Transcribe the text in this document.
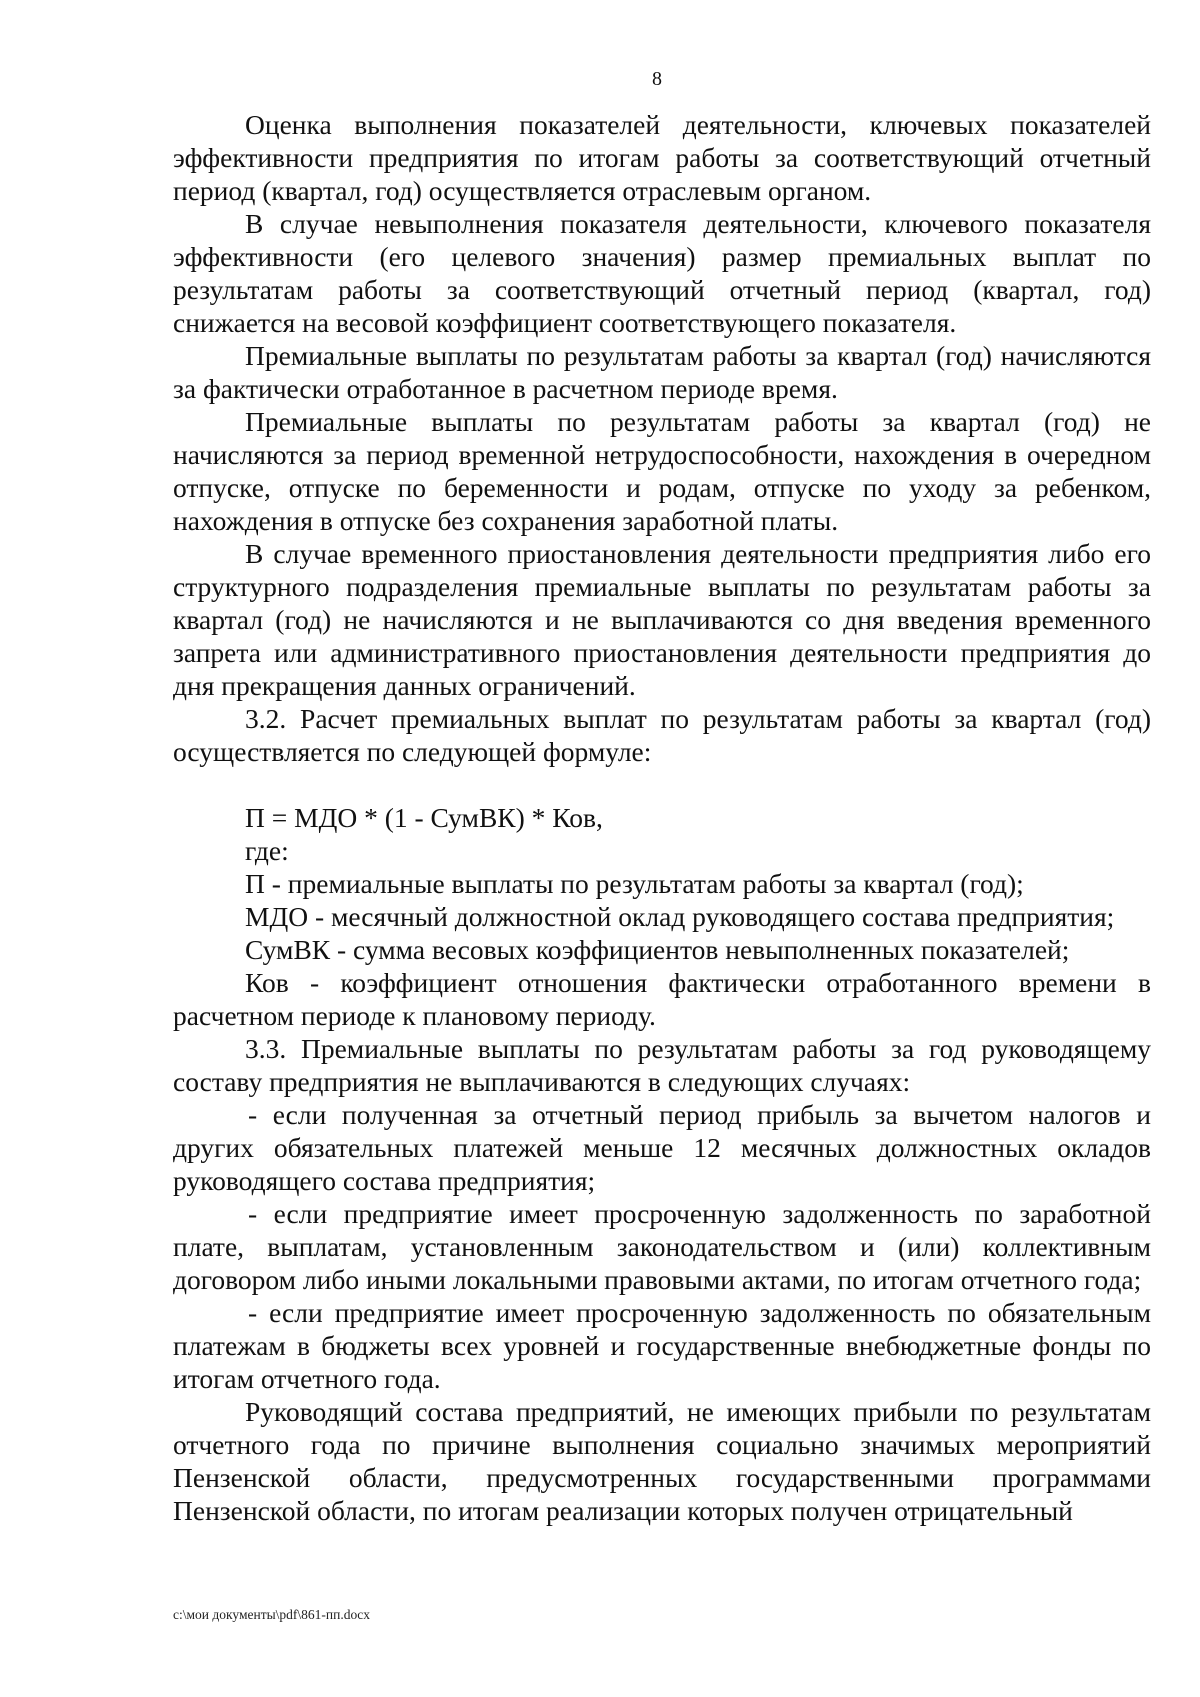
8

Оценка выполнения показателей деятельности, ключевых показателей эффективности предприятия по итогам работы за соответствующий отчетный период (квартал, год) осуществляется отраслевым органом.

В случае невыполнения показателя деятельности, ключевого показателя эффективности (его целевого значения) размер премиальных выплат по результатам работы за соответствующий отчетный период (квартал, год) снижается на весовой коэффициент соответствующего показателя.

Премиальные выплаты по результатам работы за квартал (год) начисляются за фактически отработанное в расчетном периоде время.

Премиальные выплаты по результатам работы за квартал (год) не начисляются за период временной нетрудоспособности, нахождения в очередном отпуске, отпуске по беременности и родам, отпуске по уходу за ребенком, нахождения в отпуске без сохранения заработной платы.

В случае временного приостановления деятельности предприятия либо его структурного подразделения премиальные выплаты по результатам работы за квартал (год) не начисляются и не выплачиваются со дня введения временного запрета или административного приостановления деятельности предприятия до дня прекращения данных ограничений.

3.2. Расчет премиальных выплат по результатам работы за квартал (год) осуществляется по следующей формуле:

П = МДО * (1 - СумВК) * Ков,

где:

П - премиальные выплаты по результатам работы за квартал (год);

МДО - месячный должностной оклад руководящего состава предприятия;

СумВК - сумма весовых коэффициентов невыполненных показателей;

Ков - коэффициент отношения фактически отработанного времени в расчетном периоде к плановому периоду.

3.3. Премиальные выплаты по результатам работы за год руководящему составу предприятия не выплачиваются в следующих случаях:

- если полученная за отчетный период прибыль за вычетом налогов и других обязательных платежей меньше 12 месячных должностных окладов руководящего состава предприятия;

- если предприятие имеет просроченную задолженность по заработной плате, выплатам, установленным законодательством и (или) коллективным договором либо иными локальными правовыми актами, по итогам отчетного года;

- если предприятие имеет просроченную задолженность по обязательным платежам в бюджеты всех уровней и государственные внебюджетные фонды по итогам отчетного года.

Руководящий состава предприятий, не имеющих прибыли по результатам отчетного года по причине выполнения социально значимых мероприятий Пензенской области, предусмотренных государственными программами Пензенской области, по итогам реализации которых получен отрицательный

c:\мои документы\pdf\861-пп.docx
